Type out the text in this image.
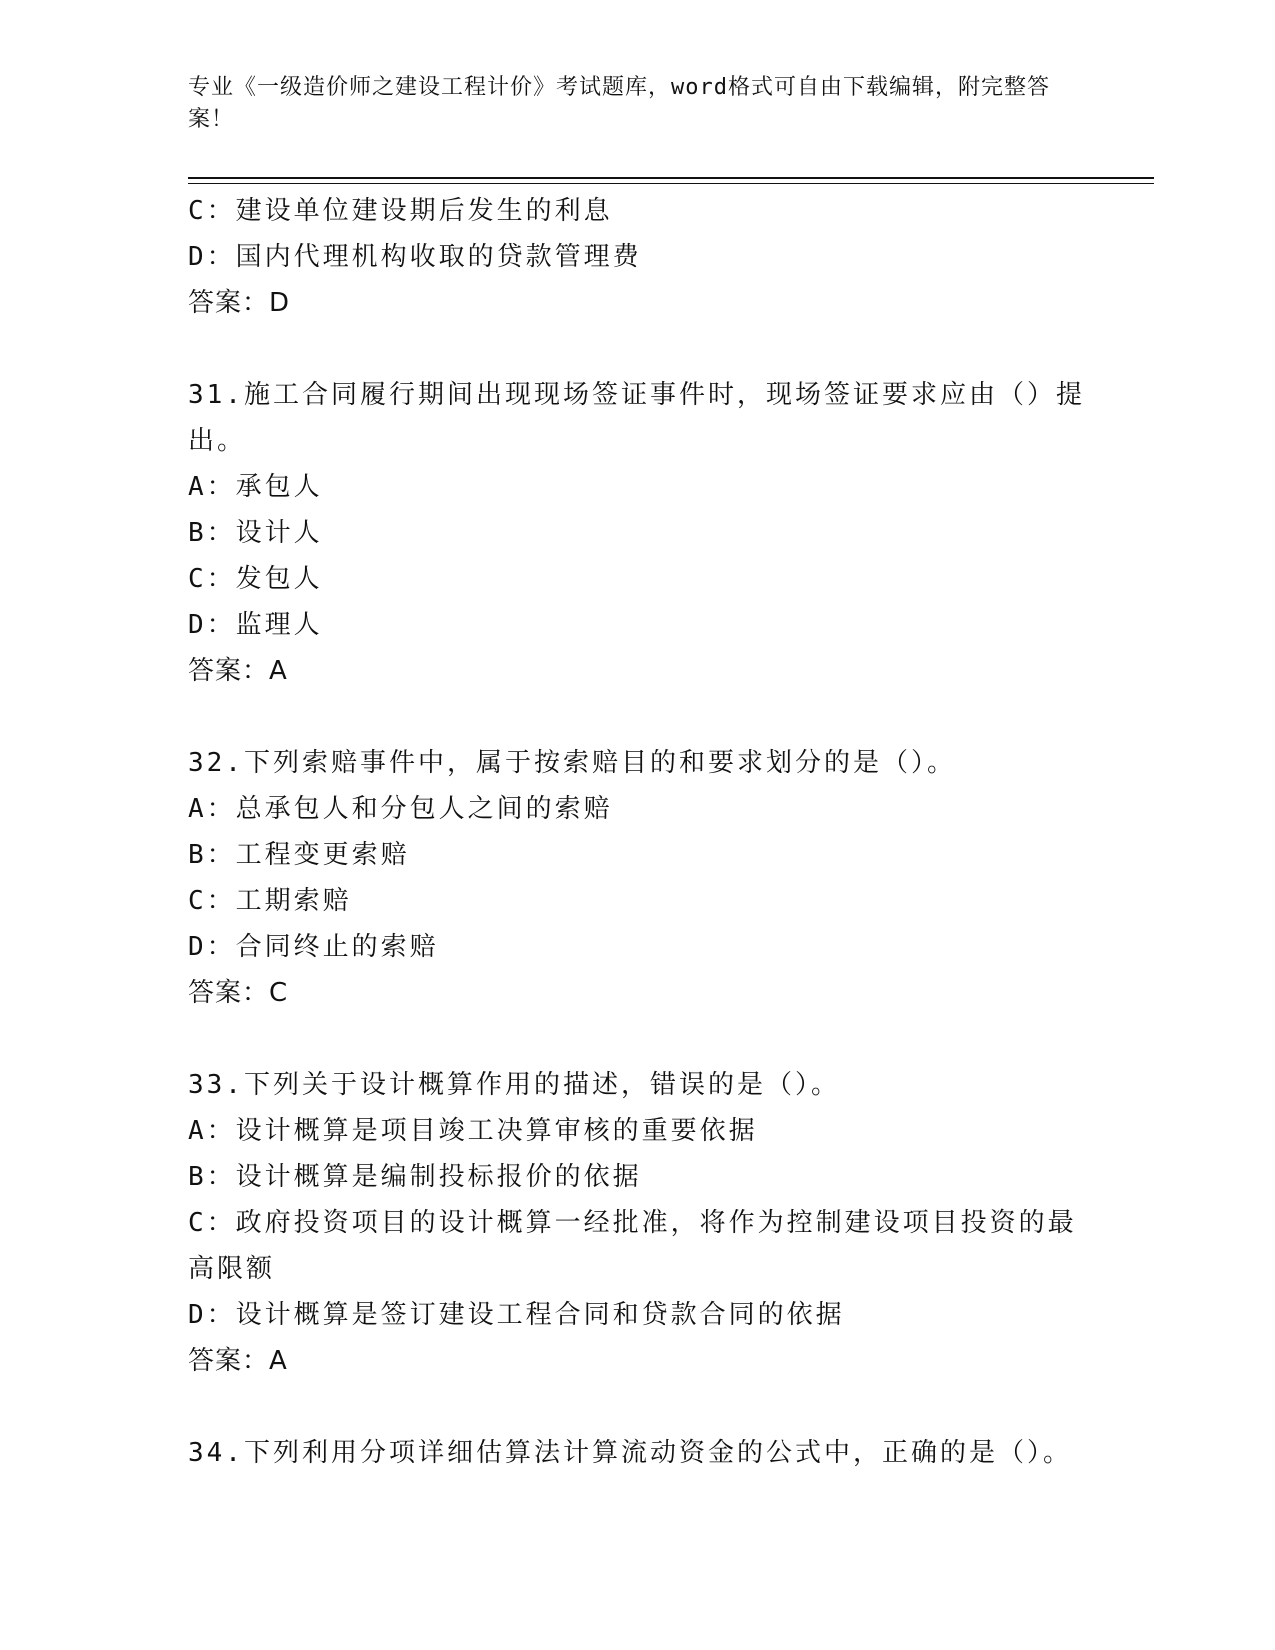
专业《一级造价师之建设工程计价》考试题库，word格式可自由下载编辑，附完整答案！
C：建设单位建设期后发生的利息
D：国内代理机构收取的贷款管理费
答案：D
31.施工合同履行期间出现现场签证事件时，现场签证要求应由（）提出。
A：承包人
B：设计人
C：发包人
D：监理人
答案：A
32.下列索赔事件中，属于按索赔目的和要求划分的是（）。
A：总承包人和分包人之间的索赔
B：工程变更索赔
C：工期索赔
D：合同终止的索赔
答案：C
33.下列关于设计概算作用的描述，错误的是（）。
A：设计概算是项目竣工决算审核的重要依据
B：设计概算是编制投标报价的依据
C：政府投资项目的设计概算一经批准，将作为控制建设项目投资的最高限额
D：设计概算是签订建设工程合同和贷款合同的依据
答案：A
34.下列利用分项详细估算法计算流动资金的公式中，正确的是（）。
